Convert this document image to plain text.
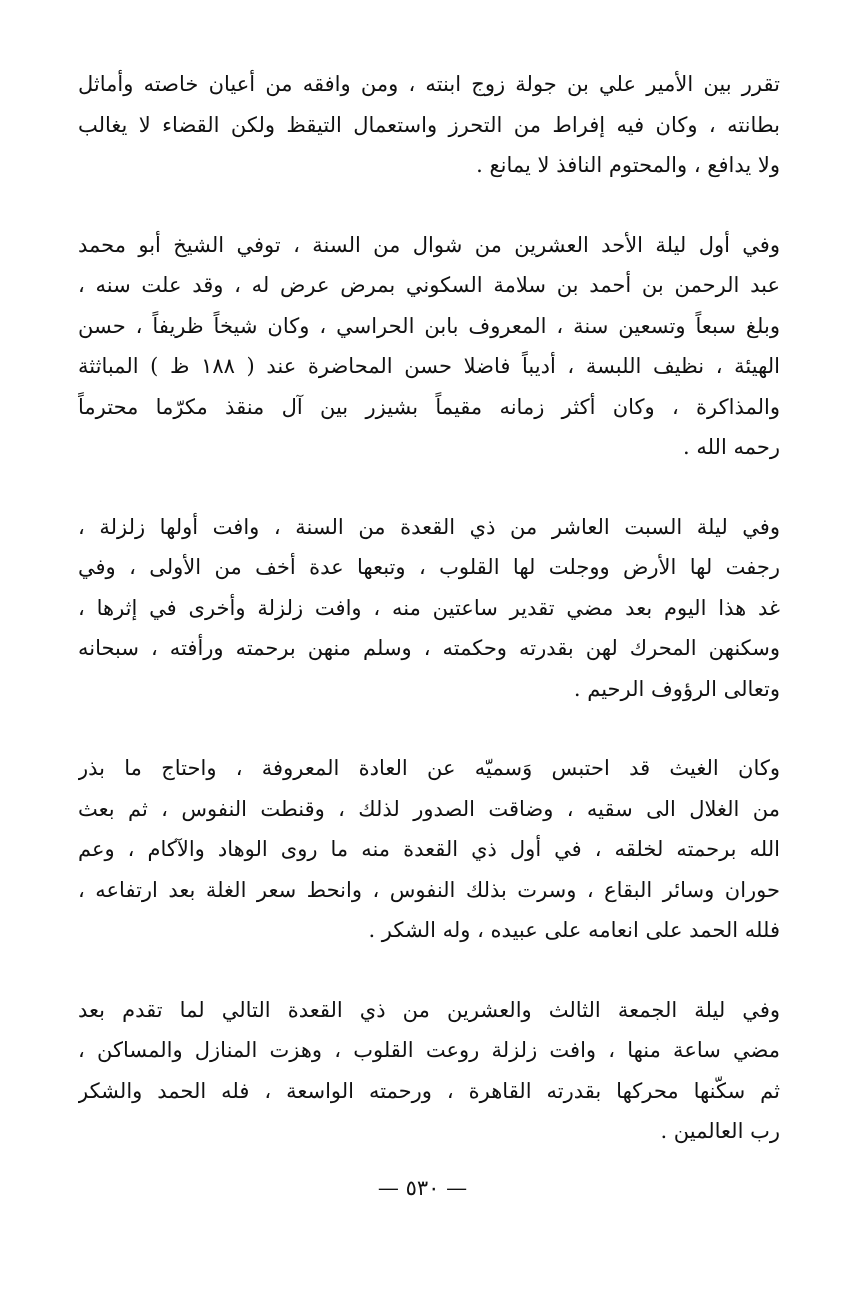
تقرر بين الأمير علي بن جولة زوج ابنته ، ومن وافقه من أعيان خاصته وأماثل
بطانته ، وكان فيه إفراط من التحرز واستعمال التيقظ ولكن القضاء لا يغالب
ولا يدافع ، والمحتوم النافذ لا يمانع .

وفي أول ليلة الأحد العشرين من شوال من السنة ، توفي الشيخ أبو محمد
عبد الرحمن بن أحمد بن سلامة السكوني بمرض عرض له ، وقد علت سنه ،
وبلغ سبعاً وتسعين سنة ، المعروف بابن الحراسي ، وكان شيخاً ظريفاً ، حسن
الهيئة ، نظيف اللبسة ، أديباً فاضلا حسن المحاضرة عند ( ١٨٨ ظ ) المباثثة
والمذاكرة ، وكان أكثر زمانه مقيماً بشيزر بين آل منقذ مكرّما محترماً
رحمه الله .

وفي ليلة السبت العاشر من ذي القعدة من السنة ، وافت أولها زلزلة ،
رجفت لها الأرض ووجلت لها القلوب ، وتبعها عدة أخف من الأولى ، وفي
غد هذا اليوم بعد مضي تقدير ساعتين منه ، وافت زلزلة وأخرى في إثرها ،
وسكنهن المحرك لهن بقدرته وحكمته ، وسلم منهن برحمته ورأفته ، سبحانه
وتعالى الرؤوف الرحيم .

وكان الغيث قد احتبس وَسميّه عن العادة المعروفة ، واحتاج ما بذر
من الغلال الى سقيه ، وضاقت الصدور لذلك ، وقنطت النفوس ، ثم بعث
الله برحمته لخلقه ، في أول ذي القعدة منه ما روى الوهاد والآكام ، وعم
حوران وسائر البقاع ، وسرت بذلك النفوس ، وانحط سعر الغلة بعد ارتفاعه ،
فلله الحمد على انعامه على عبيده ، وله الشكر .

وفي ليلة الجمعة الثالث والعشرين من ذي القعدة التالي لما تقدم بعد
مضي ساعة منها ، وافت زلزلة روعت القلوب ، وهزت المنازل والمساكن ،
ثم سكّنها محركها بقدرته القاهرة ، ورحمته الواسعة ، فله الحمد والشكر
رب العالمين .

— ٥٣٠ —
